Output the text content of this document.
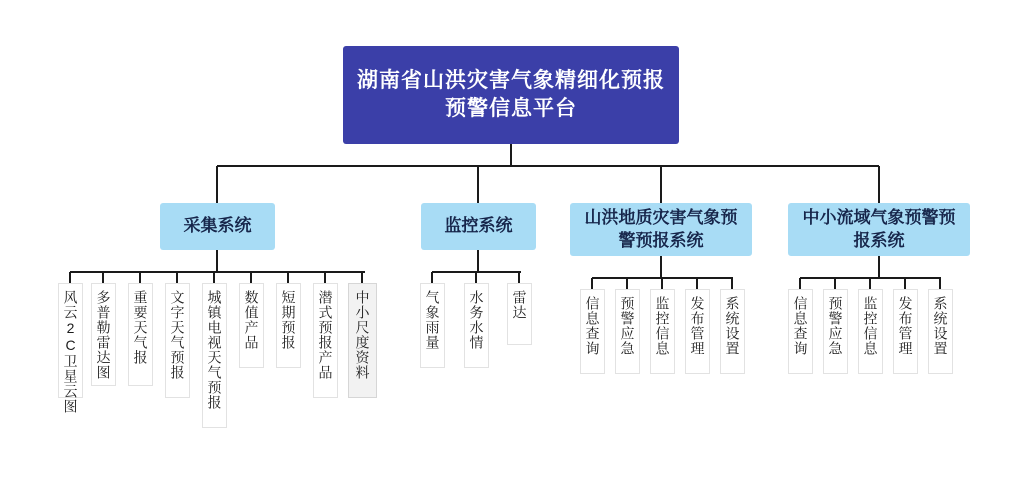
湖南省山洪灾害气象精细化预报预警信息平台
采集系统	监控系统	山洪地质灾害气象预警预报系统
中小流域气象预警预报系统
风云2C卫星云图	多普勒雷达图	重要天气报	文字天气预报	城镇电视天气预报	数值产品	短期预报	潜式预报产品	中小尺度资料	气象雨量	水务水情	雷达	信息查询	预警应急	监控信息	发布管理	系统设置	信息查询	预警应急	监控信息	发布管理	系统设置
